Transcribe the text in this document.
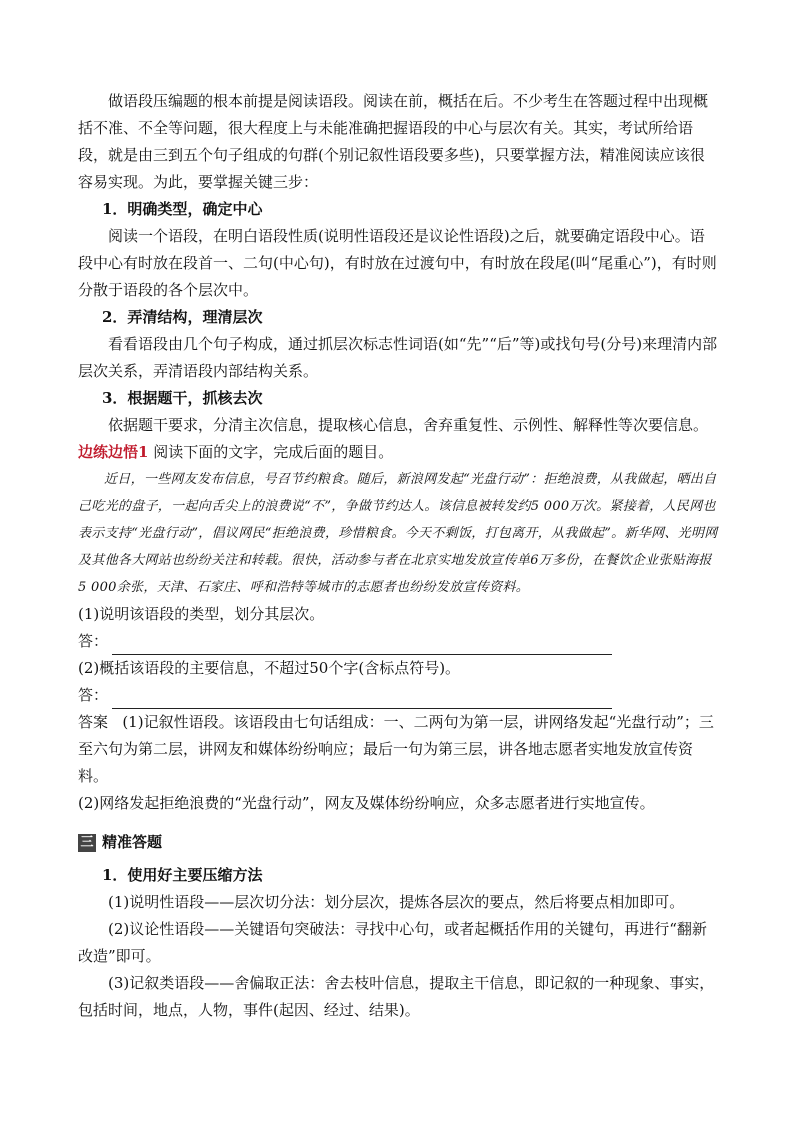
做语段压编题的根本前提是阅读语段。阅读在前，概括在后。不少考生在答题过程中出现概括不准、不全等问题，很大程度上与未能准确把握语段的中心与层次有关。其实，考试所给语段，就是由三到五个句子组成的句群(个别记叙性语段要多些)，只要掌握方法，精准阅读应该很容易实现。为此，要掌握关键三步：

1．明确类型，确定中心

阅读一个语段，在明白语段性质(说明性语段还是议论性语段)之后，就要确定语段中心。语段中心有时放在段首一、二句(中心句)，有时放在过渡句中，有时放在段尾(叫“尾重心”)，有时则分散于语段的各个层次中。

2．弄清结构，理清层次

看看语段由几个句子构成，通过抓层次标志性词语(如“先”“后”等)或找句号(分号)来理清内部层次关系，弄清语段内部结构关系。

3．根据题干，抓核去次

依据题干要求，分清主次信息，提取核心信息，舍弃重复性、示例性、解释性等次要信息。

边练边悟1 阅读下面的文字，完成后面的题目。

近日，一些网友发布信息，号召节约粮食。随后，新浪网发起“光盘行动”：拒绝浪费，从我做起，晒出自己吃光的盘子，一起向舌尖上的浪费说“不”，争做节约达人。该信息被转发约5 000万次。紧接着，人民网也表示支持“光盘行动”，倡议网民“拒绝浪费，珍惜粮食。今天不剩饭，打包离开，从我做起”。新华网、光明网及其他各大网站也纷纷关注和转载。很快，活动参与者在北京实地发放宣传单6万多份，在餐饮企业张贴海报5 000余张，天津、石家庄、呼和浩特等城市的志愿者也纷纷发放宣传资料。

(1)说明该语段的类型，划分其层次。

答：

(2)概括该语段的主要信息，不超过50个字(含标点符号)。

答：

答案 (1)记叙性语段。该语段由七句话组成：一、二两句为第一层，讲网络发起“光盘行动”；三至六句为第二层，讲网友和媒体纷纷响应；最后一句为第三层，讲各地志愿者实地发放宣传资料。

(2)网络发起拒绝浪费的“光盘行动”，网友及媒体纷纷响应，众多志愿者进行实地宣传。

三 精准答题

1．使用好主要压缩方法

(1)说明性语段——层次切分法：划分层次，提炼各层次的要点，然后将要点相加即可。

(2)议论性语段——关键语句突破法：寻找中心句，或者起概括作用的关键句，再进行“翻新改造”即可。

(3)记叙类语段——舍偏取正法：舍去枝叶信息，提取主干信息，即记叙的一种现象、事实，包括时间，地点，人物，事件(起因、经过、结果)。
